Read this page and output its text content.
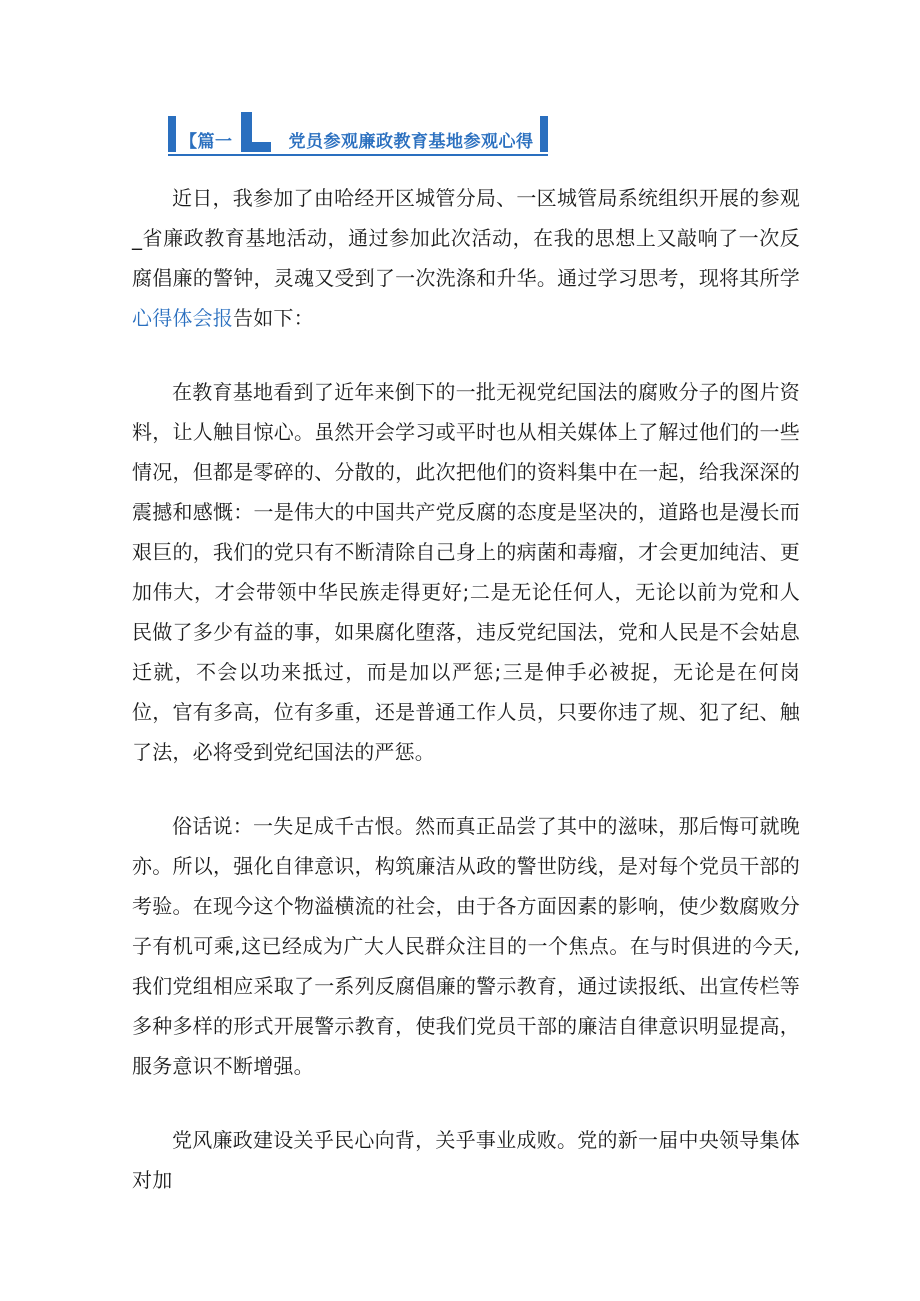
【篇一	党员参观廉政教育基地参观心得

近日，我参加了由哈经开区城管分局、一区城管局系统组织开展的参观_省廉政教育基地活动，通过参加此次活动，在我的思想上又敲响了一次反腐倡廉的警钟，灵魂又受到了一次洗涤和升华。通过学习思考，现将其所学心得体会报告如下：

在教育基地看到了近年来倒下的一批无视党纪国法的腐败分子的图片资料，让人触目惊心。虽然开会学习或平时也从相关媒体上了解过他们的一些情况，但都是零碎的、分散的，此次把他们的资料集中在一起，给我深深的震撼和感慨：一是伟大的中国共产党反腐的态度是坚决的，道路也是漫长而艰巨的，我们的党只有不断清除自己身上的病菌和毒瘤，才会更加纯洁、更加伟大，才会带领中华民族走得更好;二是无论任何人，无论以前为党和人民做了多少有益的事，如果腐化堕落，违反党纪国法，党和人民是不会姑息迁就，不会以功来抵过，而是加以严惩;三是伸手必被捉，无论是在何岗位，官有多高，位有多重，还是普通工作人员，只要你违了规、犯了纪、触了法，必将受到党纪国法的严惩。

俗话说：一失足成千古恨。然而真正品尝了其中的滋味，那后悔可就晚亦。所以，强化自律意识，构筑廉洁从政的警世防线，是对每个党员干部的考验。在现今这个物溢横流的社会，由于各方面因素的影响，使少数腐败分子有机可乘,这已经成为广大人民群众注目的一个焦点。在与时俱进的今天,我们党组相应采取了一系列反腐倡廉的警示教育，通过读报纸、出宣传栏等多种多样的形式开展警示教育，使我们党员干部的廉洁自律意识明显提高，服务意识不断增强。

党风廉政建设关乎民心向背，关乎事业成败。党的新一届中央领导集体对加
